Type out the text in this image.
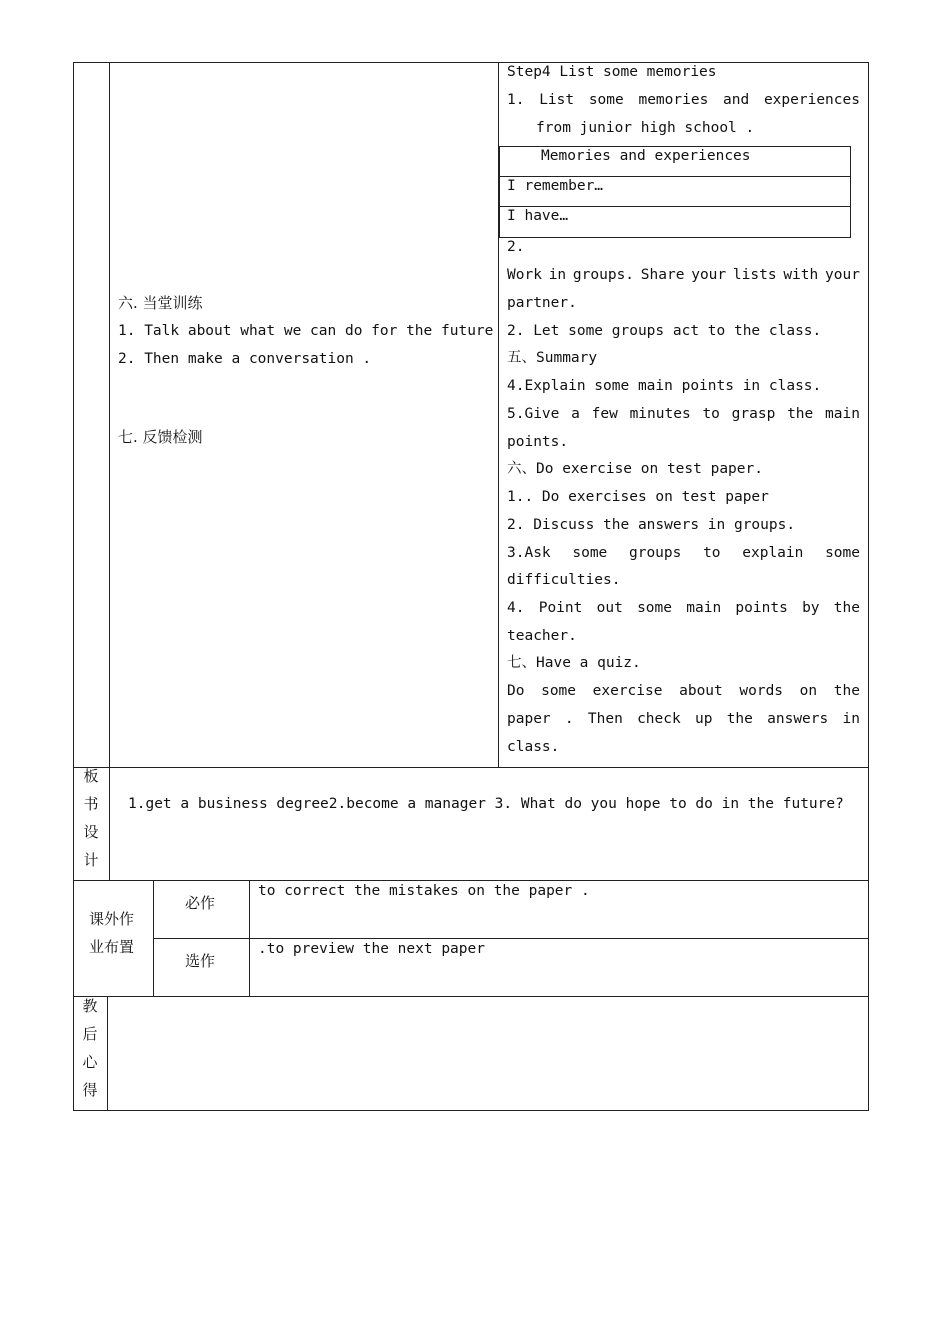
六. 当堂训练
1. Talk about what we can do for the future
2. Then make a conversation .
七. 反馈检测
Step4 List some memories
1. List some memories and experiences
from junior high school .
Memories and experiences
I remember…
I have…
2.
Work in groups. Share your lists with your
partner.
2. Let some groups act to the class.
五、Summary
4.Explain some main points in class.
5.Give a few minutes to grasp the main
points.
六、Do exercise on test paper.
1.. Do exercises on test paper
2. Discuss the answers in groups.
3.Ask some groups to explain some
difficulties.
4. Point out some main points by the
teacher.
七、Have a quiz.
Do some exercise about words on the
paper . Then check up the answers in
class.
板
书
设
计
1.get a business degree2.become a manager 3. What do you hope to do in the future?
课外作
业布置
必作
to correct the mistakes on the paper .
选作
.to preview the next paper
教
后
心
得
